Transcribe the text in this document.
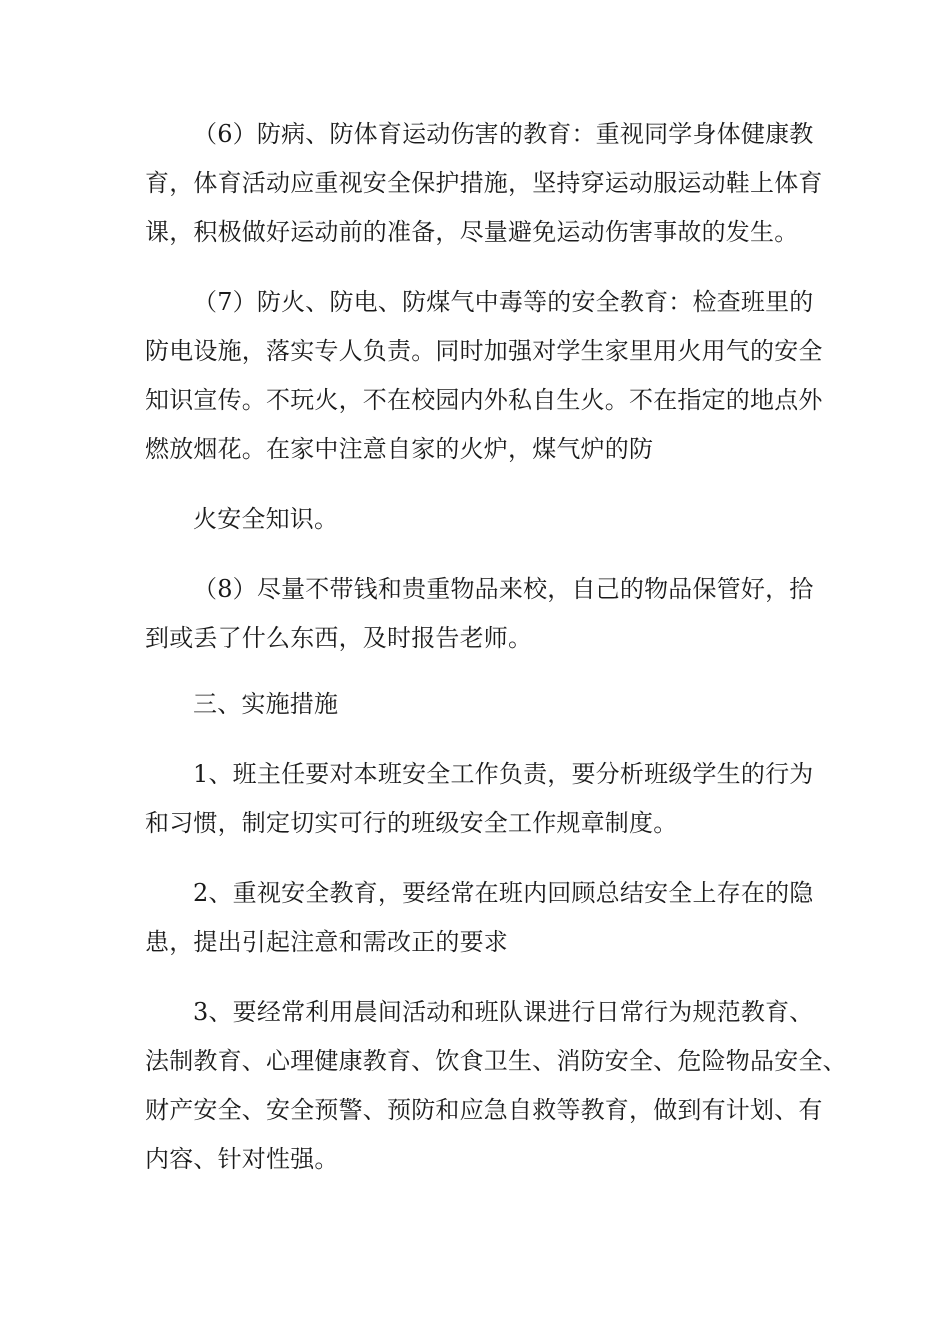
（6）防病、防体育运动伤害的教育：重视同学身体健康教
育，体育活动应重视安全保护措施，坚持穿运动服运动鞋上体育
课，积极做好运动前的准备，尽量避免运动伤害事故的发生。
（7）防火、防电、防煤气中毒等的安全教育：检查班里的
防电设施，落实专人负责。同时加强对学生家里用火用气的安全
知识宣传。不玩火，不在校园内外私自生火。不在指定的地点外
燃放烟花。在家中注意自家的火炉，煤气炉的防
火安全知识。
（8）尽量不带钱和贵重物品来校，自己的物品保管好，拾
到或丢了什么东西，及时报告老师。
三、实施措施
1、班主任要对本班安全工作负责，要分析班级学生的行为
和习惯，制定切实可行的班级安全工作规章制度。
2、重视安全教育，要经常在班内回顾总结安全上存在的隐
患，提出引起注意和需改正的要求
3、要经常利用晨间活动和班队课进行日常行为规范教育、
法制教育、心理健康教育、饮食卫生、消防安全、危险物品安全、
财产安全、安全预警、预防和应急自救等教育，做到有计划、有
内容、针对性强。
